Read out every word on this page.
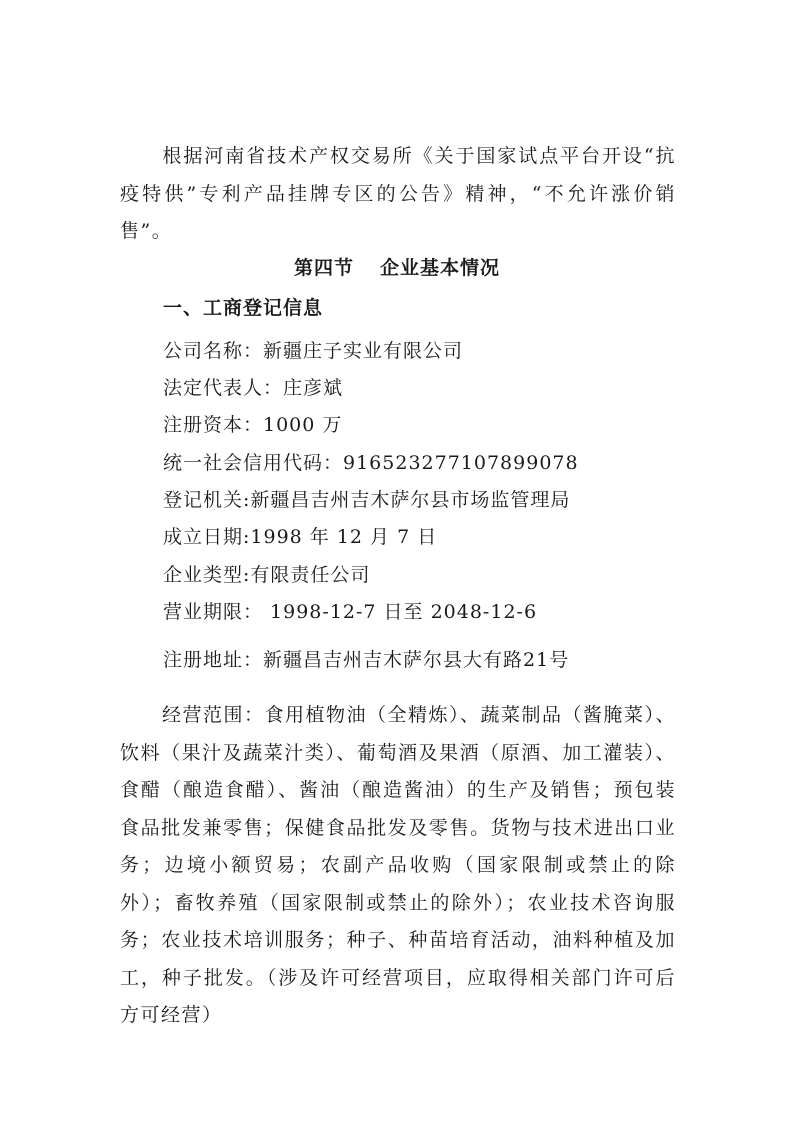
根据河南省技术产权交易所《关于国家试点平台开设“抗疫特供”专利产品挂牌专区的公告》精神，“不允许涨价销售”。

第四节 企业基本情况
一、工商登记信息

公司名称：新疆庄子实业有限公司

法定代表人：庄彦斌

注册资本：1000 万

统一社会信用代码：916523277107899078

登记机关:新疆昌吉州吉木萨尔县市场监管理局

成立日期:1998 年 12 月 7 日

企业类型:有限责任公司

营业期限： 1998-12-7 日至 2048-12-6

注册地址：新疆昌吉州吉木萨尔县大有路21号

经营范围：食用植物油（全精炼）、蔬菜制品（酱腌菜）、饮料（果汁及蔬菜汁类）、葡萄酒及果酒（原酒、加工灌装）、食醋（酿造食醋）、酱油（酿造酱油）的生产及销售；预包装食品批发兼零售；保健食品批发及零售。货物与技术进出口业务；边境小额贸易；农副产品收购（国家限制或禁止的除外）；畜牧养殖（国家限制或禁止的除外）；农业技术咨询服务；农业技术培训服务；种子、种苗培育活动，油料种植及加工，种子批发。（涉及许可经营项目，应取得相关部门许可后方可经营）
